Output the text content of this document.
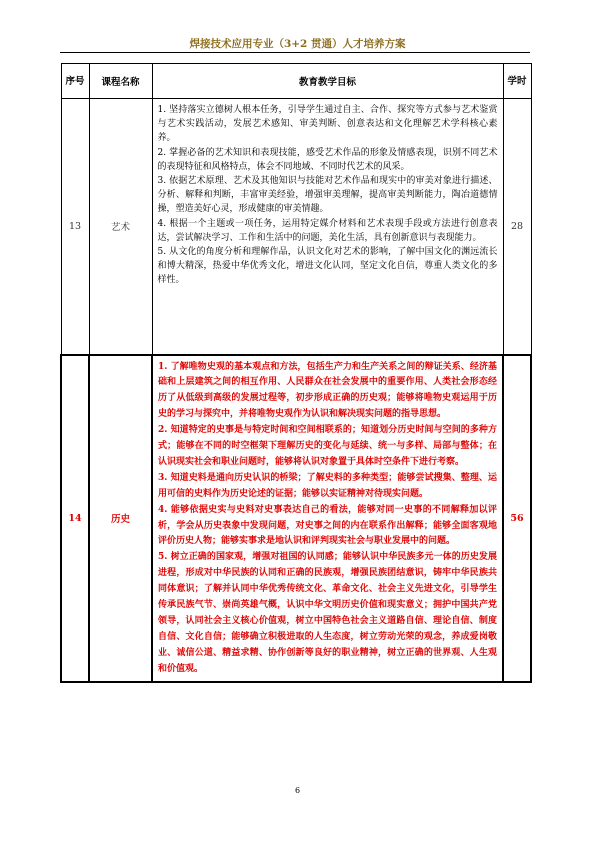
焊接技术应用专业（3+2 贯通）人才培养方案
序号	课程名称	教育教学目标	学时
13	艺术	1. 坚持落实立德树人根本任务，引导学生通过自主、合作、探究等方式参与艺术鉴赏与艺术实践活动，发展艺术感知、审美判断、创意表达和文化理解艺术学科核心素养。

2. 掌握必备的艺术知识和表现技能，感受艺术作品的形象及情感表现，识别不同艺术的表现特征和风格特点，体会不同地域、不同时代艺术的风采。

3. 依据艺术原理、艺术及其他知识与技能对艺术作品和现实中的审美对象进行描述、分析、解释和判断，丰富审美经验，增强审美理解，提高审美判断能力，陶冶道德情操，塑造美好心灵，形成健康的审美情趣。

4. 根据一个主题或一项任务，运用特定媒介材料和艺术表现手段或方法进行创意表达，尝试解决学习、工作和生活中的问题，美化生活，具有创新意识与表现能力。

5. 从文化的角度分析和理解作品，认识文化对艺术的影响，了解中国文化的渊远流长和博大精深，热爱中华优秀文化，增进文化认同，坚定文化自信，尊重人类文化的多样性。	28
14	历史	1. 了解唯物史观的基本观点和方法，包括生产力和生产关系之间的辩证关系、经济基础和上层建筑之间的相互作用、人民群众在社会发展中的重要作用、人类社会形态经历了从低级到高级的发展过程等，初步形成正确的历史观；能够将唯物史观运用于历史的学习与探究中，并将唯物史观作为认识和解决现实问题的指导思想。

2. 知道特定的史事是与特定时间和空间相联系的；知道划分历史时间与空间的多种方式；能够在不同的时空框架下理解历史的变化与延续、统一与多样、局部与整体；在认识现实社会和职业问题时，能够将认识对象置于具体时空条件下进行考察。

3. 知道史料是通向历史认识的桥梁；了解史料的多种类型；能够尝试搜集、整理、运用可信的史料作为历史论述的证据；能够以实证精神对待现实问题。

4. 能够依据史实与史料对史事表达自己的看法，能够对同一史事的不同解释加以评析，学会从历史表象中发现问题，对史事之间的内在联系作出解释；能够全面客观地评价历史人物；能够实事求是地认识和评判现实社会与职业发展中的问题。

5. 树立正确的国家观，增强对祖国的认同感；能够认识中华民族多元一体的历史发展进程，形成对中华民族的认同和正确的民族观，增强民族团结意识，铸牢中华民族共同体意识；了解并认同中华优秀传统文化、革命文化、社会主义先进文化，引导学生传承民族气节、崇尚英雄气概，认识中华文明历史价值和现实意义；拥护中国共产党领导，认同社会主义核心价值观，树立中国特色社会主义道路自信、理论自信、制度自信、文化自信；能够确立积极进取的人生态度，树立劳动光荣的观念，养成爱岗敬业、诚信公道、精益求精、协作创新等良好的职业精神，树立正确的世界观、人生观和价值观。	56
6
